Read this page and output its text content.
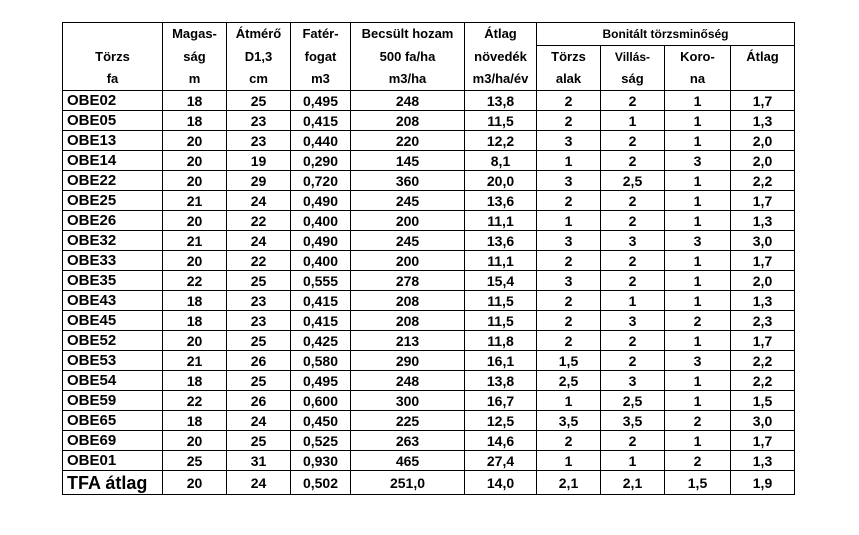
	Magas-	Átmérő	Fatér-	Becsült hozam	Átlag	Bonitált törzsminőség			
Törzs	ság	D1,3	fogat	500 fa/ha	növedék	Törzs	Villás-	Koro-	Átlag
fa	m	cm	m3	m3/ha	m3/ha/év	alak	ság	na	
OBE02	18	25	0,495	248	13,8	2	2	1	1,7
OBE05	18	23	0,415	208	11,5	2	1	1	1,3
OBE13	20	23	0,440	220	12,2	3	2	1	2,0
OBE14	20	19	0,290	145	8,1	1	2	3	2,0
OBE22	20	29	0,720	360	20,0	3	2,5	1	2,2
OBE25	21	24	0,490	245	13,6	2	2	1	1,7
OBE26	20	22	0,400	200	11,1	1	2	1	1,3
OBE32	21	24	0,490	245	13,6	3	3	3	3,0
OBE33	20	22	0,400	200	11,1	2	2	1	1,7
OBE35	22	25	0,555	278	15,4	3	2	1	2,0
OBE43	18	23	0,415	208	11,5	2	1	1	1,3
OBE45	18	23	0,415	208	11,5	2	3	2	2,3
OBE52	20	25	0,425	213	11,8	2	2	1	1,7
OBE53	21	26	0,580	290	16,1	1,5	2	3	2,2
OBE54	18	25	0,495	248	13,8	2,5	3	1	2,2
OBE59	22	26	0,600	300	16,7	1	2,5	1	1,5
OBE65	18	24	0,450	225	12,5	3,5	3,5	2	3,0
OBE69	20	25	0,525	263	14,6	2	2	1	1,7
OBE01	25	31	0,930	465	27,4	1	1	2	1,3
TFA átlag	20	24	0,502	251,0	14,0	2,1	2,1	1,5	1,9
